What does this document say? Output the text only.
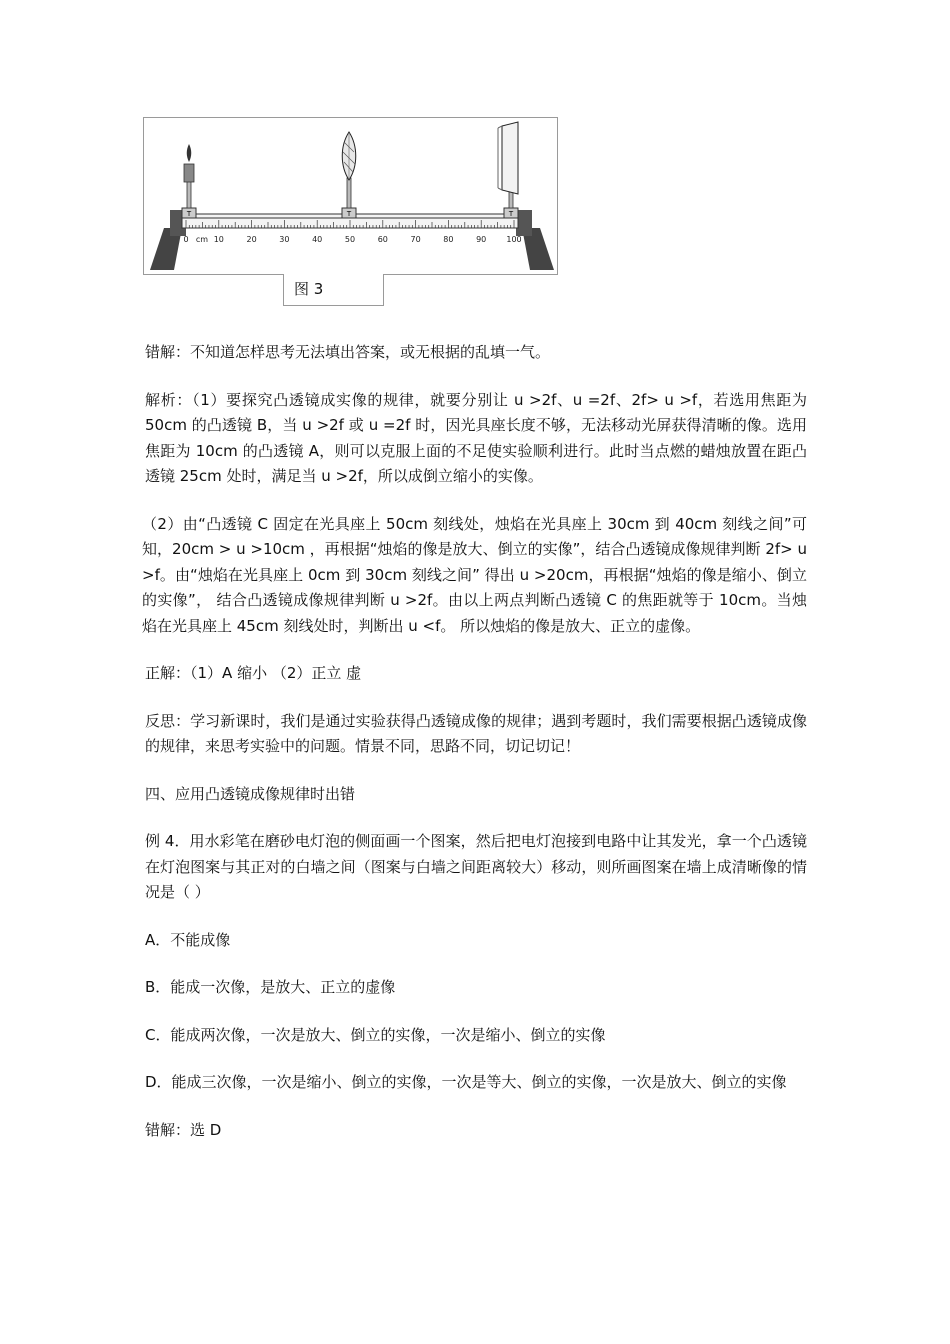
0 cm 10	20	30	40	50	60	70	80	90	100
T	T	T
图 3

错解：不知道怎样思考无法填出答案，或无根据的乱填一气。

解析：（1）要探究凸透镜成实像的规律，就要分别让 u >2f、u =2f、2f> u >f，若选用焦距为 50cm 的凸透镜 B，当 u >2f 或 u =2f 时，因光具座长度不够，无法移动光屏获得清晰的像。选用焦距为 10cm 的凸透镜 A，则可以克服上面的不足使实验顺利进行。此时当点燃的蜡烛放置在距凸透镜 25cm 处时，满足当 u >2f，所以成倒立缩小的实像。

（2）由“凸透镜 C 固定在光具座上 50cm 刻线处，烛焰在光具座上 30cm 到 40cm 刻线之间”可知，20cm > u >10cm ，再根据“烛焰的像是放大、倒立的实像”，结合凸透镜成像规律判断 2f> u >f。由“烛焰在光具座上 0cm 到 30cm 刻线之间” 得出 u >20cm，再根据“烛焰的像是缩小、倒立的实像”， 结合凸透镜成像规律判断 u >2f。由以上两点判断凸透镜 C 的焦距就等于 10cm。当烛焰在光具座上 45cm 刻线处时，判断出 u <f。 所以烛焰的像是放大、正立的虚像。

正解：（1）A 缩小 （2）正立 虚

反思：学习新课时，我们是通过实验获得凸透镜成像的规律；遇到考题时，我们需要根据凸透镜成像的规律，来思考实验中的问题。情景不同，思路不同，切记切记！

四、应用凸透镜成像规律时出错

例 4．用水彩笔在磨砂电灯泡的侧面画一个图案，然后把电灯泡接到电路中让其发光，拿一个凸透镜在灯泡图案与其正对的白墙之间（图案与白墙之间距离较大）移动，则所画图案在墙上成清晰像的情况是（ ）

A．不能成像

B．能成一次像，是放大、正立的虚像

C．能成两次像，一次是放大、倒立的实像，一次是缩小、倒立的实像

D．能成三次像，一次是缩小、倒立的实像，一次是等大、倒立的实像，一次是放大、倒立的实像

错解：选 D
